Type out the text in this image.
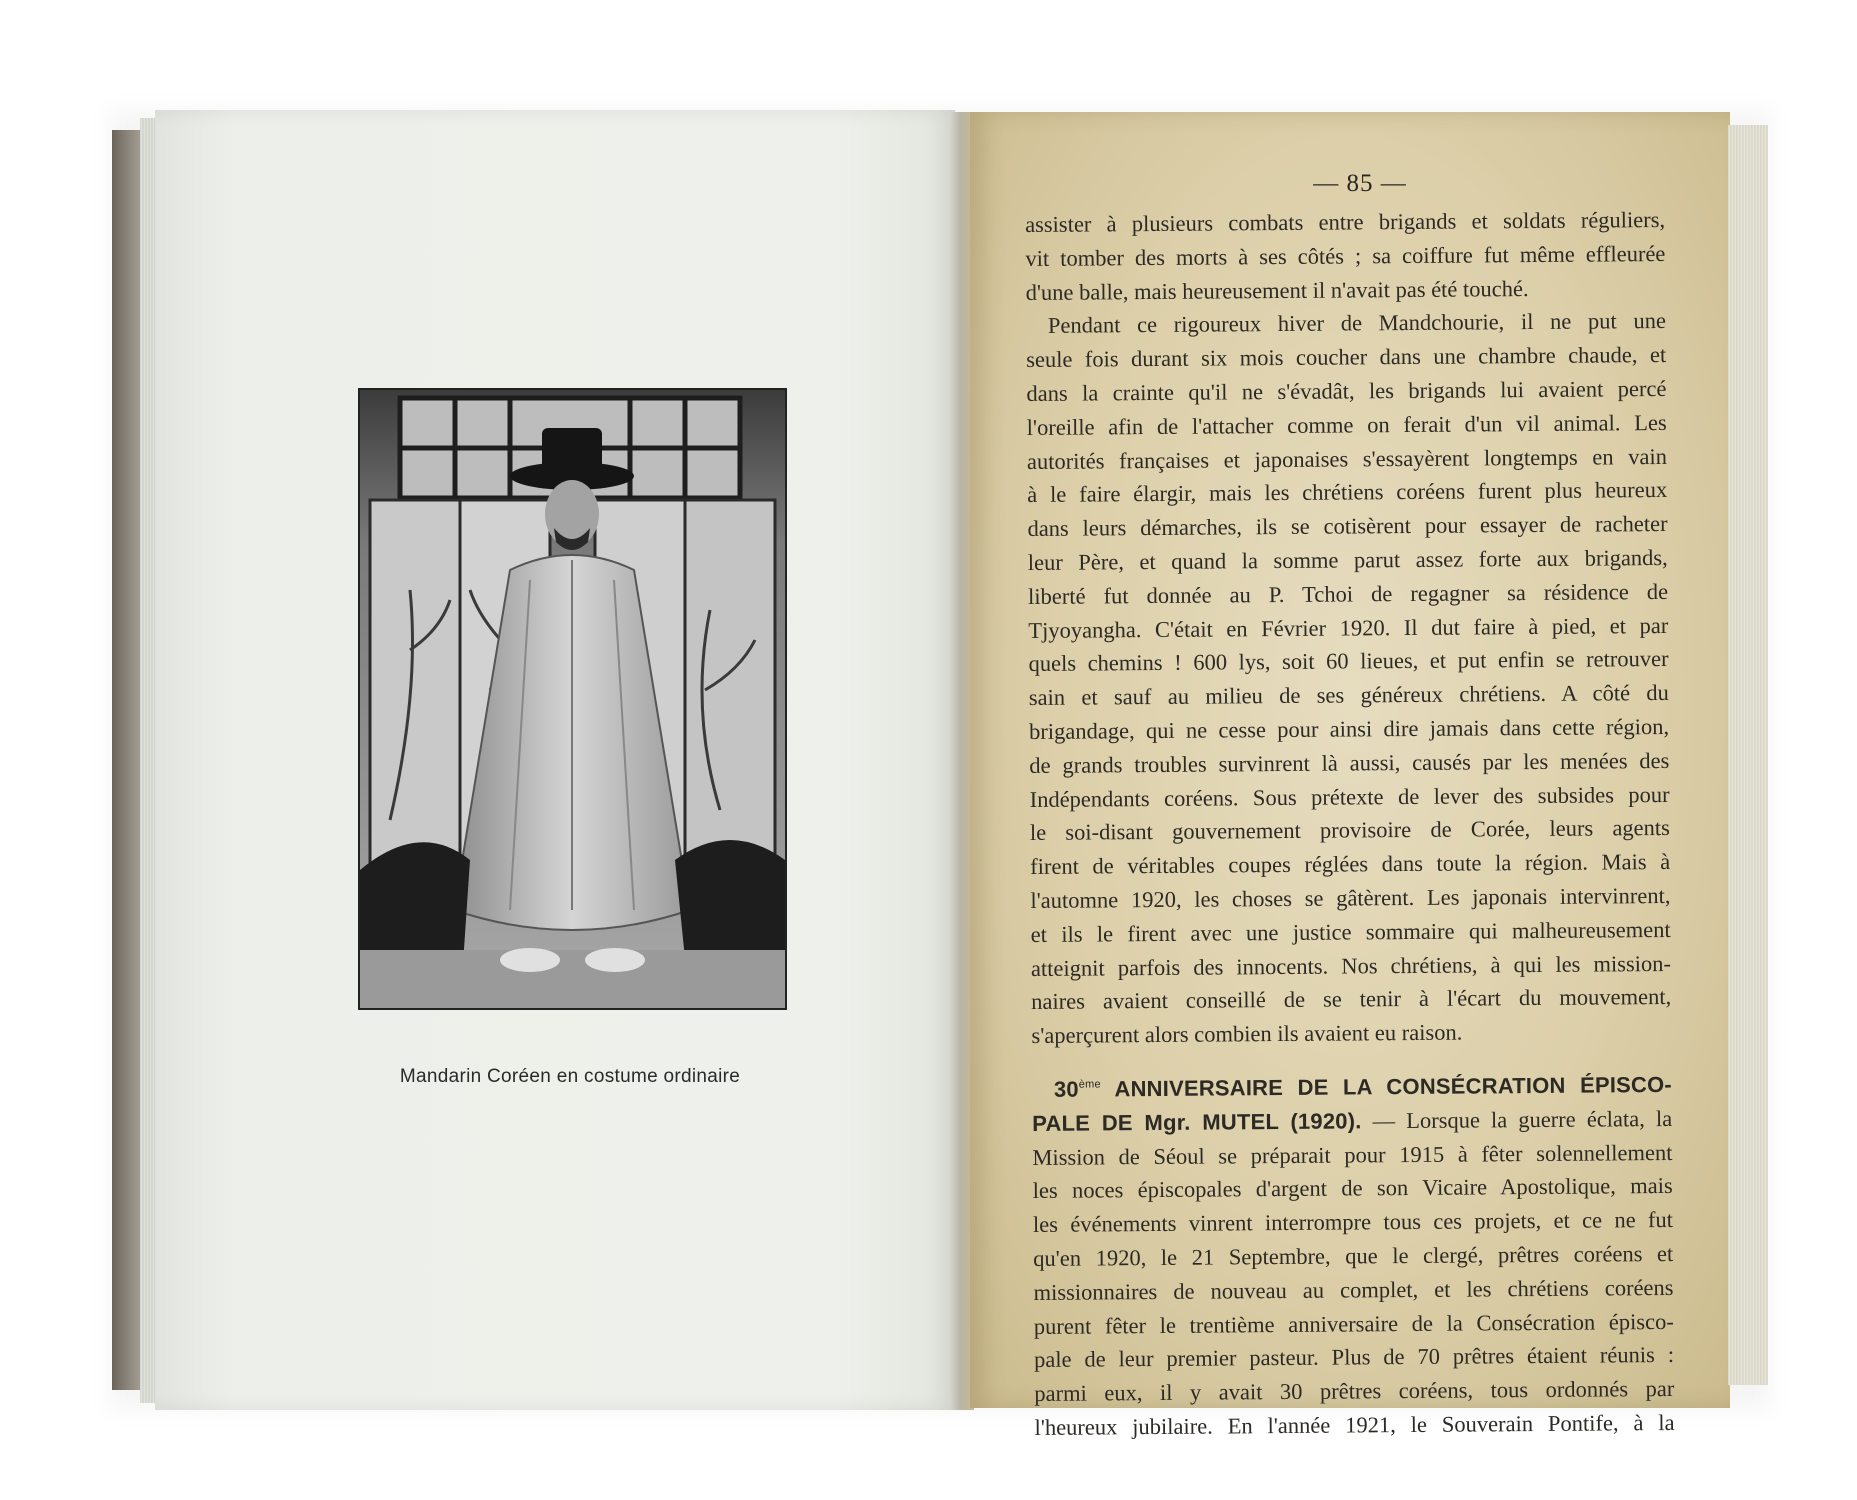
Mandarin Coréen en costume ordinaire
— 85 —
assister à plusieurs combats entre brigands et soldats réguliers,
vit tomber des morts à ses côtés ; sa coiffure fut même effleurée
d'une balle, mais heureusement il n'avait pas été touché.
Pendant ce rigoureux hiver de Mandchourie, il ne put une
seule fois durant six mois coucher dans une chambre chaude, et
dans la crainte qu'il ne s'évadât, les brigands lui avaient percé
l'oreille afin de l'attacher comme on ferait d'un vil animal. Les
autorités françaises et japonaises s'essayèrent longtemps en vain
à le faire élargir, mais les chrétiens coréens furent plus heureux
dans leurs démarches, ils se cotisèrent pour essayer de racheter
leur Père, et quand la somme parut assez forte aux brigands,
liberté fut donnée au P. Tchoi de regagner sa résidence de
Tjyoyangha. C'était en Février 1920. Il dut faire à pied, et par
quels chemins ! 600 lys, soit 60 lieues, et put enfin se retrouver
sain et sauf au milieu de ses généreux chrétiens. A côté du
brigandage, qui ne cesse pour ainsi dire jamais dans cette région,
de grands troubles survinrent là aussi, causés par les menées des
Indépendants coréens. Sous prétexte de lever des subsides pour
le soi-disant gouvernement provisoire de Corée, leurs agents
firent de véritables coupes réglées dans toute la région. Mais à
l'automne 1920, les choses se gâtèrent. Les japonais intervinrent,
et ils le firent avec une justice sommaire qui malheureusement
atteignit parfois des innocents. Nos chrétiens, à qui les mission-
naires avaient conseillé de se tenir à l'écart du mouvement,
s'aperçurent alors combien ils avaient eu raison.
30ème ANNIVERSAIRE DE LA CONSÉCRATION ÉPISCO-
PALE DE Mgr. MUTEL (1920). — Lorsque la guerre éclata, la
Mission de Séoul se préparait pour 1915 à fêter solennellement
les noces épiscopales d'argent de son Vicaire Apostolique, mais
les événements vinrent interrompre tous ces projets, et ce ne fut
qu'en 1920, le 21 Septembre, que le clergé, prêtres coréens et
missionnaires de nouveau au complet, et les chrétiens coréens
purent fêter le trentième anniversaire de la Consécration épisco-
pale de leur premier pasteur. Plus de 70 prêtres étaient réunis :
parmi eux, il y avait 30 prêtres coréens, tous ordonnés par
l'heureux jubilaire. En l'année 1921, le Souverain Pontife, à la
